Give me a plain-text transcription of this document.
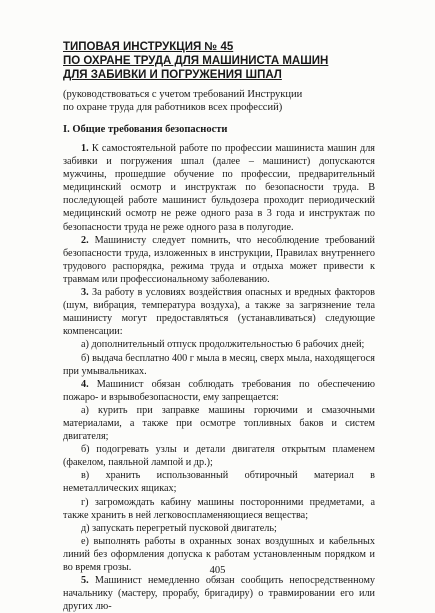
ТИПОВАЯ ИНСТРУКЦИЯ № 45
ПО ОХРАНЕ ТРУДА ДЛЯ МАШИНИСТА МАШИН
ДЛЯ ЗАБИВКИ И ПОГРУЖЕНИЯ ШПАЛ
(руководствоваться с учетом требований Инструкции
по охране труда для работников всех профессий)
I. Общие требования безопасности

1. К самостоятельной работе по профессии машиниста машин для забивки и погружения шпал (далее – машинист) допускаются мужчины, прошедшие обучение по профессии, предварительный медицинский осмотр и инструктаж по безопасности труда. В последующей работе машинист бульдозера проходит периодический медицинский осмотр не реже одного раза в 3 года и инструктаж по безопасности труда не реже одного раза в полугодие.

2. Машинисту следует помнить, что несоблюдение требований безопасности труда, изложенных в инструкции, Правилах внутреннего трудового распорядка, режима труда и отдыха может привести к травмам или профессиональному заболеванию.

3. За работу в условиях воздействия опасных и вредных факторов (шум, вибрация, температура воздуха), а также за загрязнение тела машинисту могут предоставляться (устанавливаться) следующие компенсации:

а) дополнительный отпуск продолжительностью 6 рабочих дней;

б) выдача бесплатно 400 г мыла в месяц, сверх мыла, находящегося при умывальниках.

4. Машинист обязан соблюдать требования по обеспечению пожаро- и взрывобезопасности, ему запрещается:

а) курить при заправке машины горючими и смазочными материалами, а также при осмотре топливных баков и систем двигателя;

б) подогревать узлы и детали двигателя открытым пламенем (факелом, паяльной лампой и др.);

в) хранить использованный обтирочный материал в неметаллических ящиках;

г) загромождать кабину машины посторонними предметами, а также хранить в ней легковоспламеняющиеся вещества;

д) запускать перегретый пусковой двигатель;

е) выполнять работы в охранных зонах воздушных и кабельных линий без оформления допуска к работам установленным порядком и во время грозы.

5. Машинист немедленно обязан сообщить непосредственному начальнику (мастеру, прорабу, бригадиру) о травмировании его или других лю-

405
